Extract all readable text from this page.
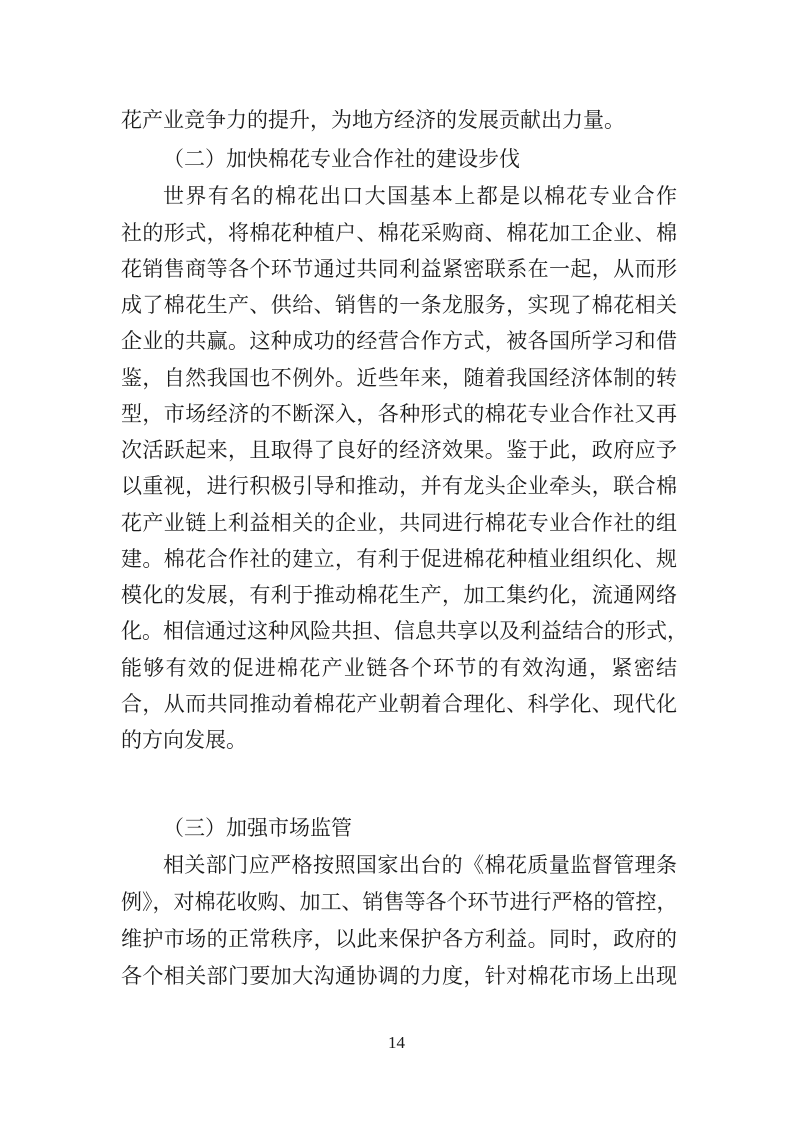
花产业竞争力的提升，为地方经济的发展贡献出力量。
（二）加快棉花专业合作社的建设步伐
世界有名的棉花出口大国基本上都是以棉花专业合作
社的形式，将棉花种植户、棉花采购商、棉花加工企业、棉
花销售商等各个环节通过共同利益紧密联系在一起，从而形
成了棉花生产、供给、销售的一条龙服务，实现了棉花相关
企业的共赢。这种成功的经营合作方式，被各国所学习和借
鉴，自然我国也不例外。近些年来，随着我国经济体制的转
型，市场经济的不断深入，各种形式的棉花专业合作社又再
次活跃起来，且取得了良好的经济效果。鉴于此，政府应予
以重视，进行积极引导和推动，并有龙头企业牵头，联合棉
花产业链上利益相关的企业，共同进行棉花专业合作社的组
建。棉花合作社的建立，有利于促进棉花种植业组织化、规
模化的发展，有利于推动棉花生产，加工集约化，流通网络
化。相信通过这种风险共担、信息共享以及利益结合的形式，
能够有效的促进棉花产业链各个环节的有效沟通，紧密结
合，从而共同推动着棉花产业朝着合理化、科学化、现代化
的方向发展。
（三）加强市场监管
相关部门应严格按照国家出台的《棉花质量监督管理条
例》，对棉花收购、加工、销售等各个环节进行严格的管控，
维护市场的正常秩序，以此来保护各方利益。同时，政府的
各个相关部门要加大沟通协调的力度，针对棉花市场上出现
14
